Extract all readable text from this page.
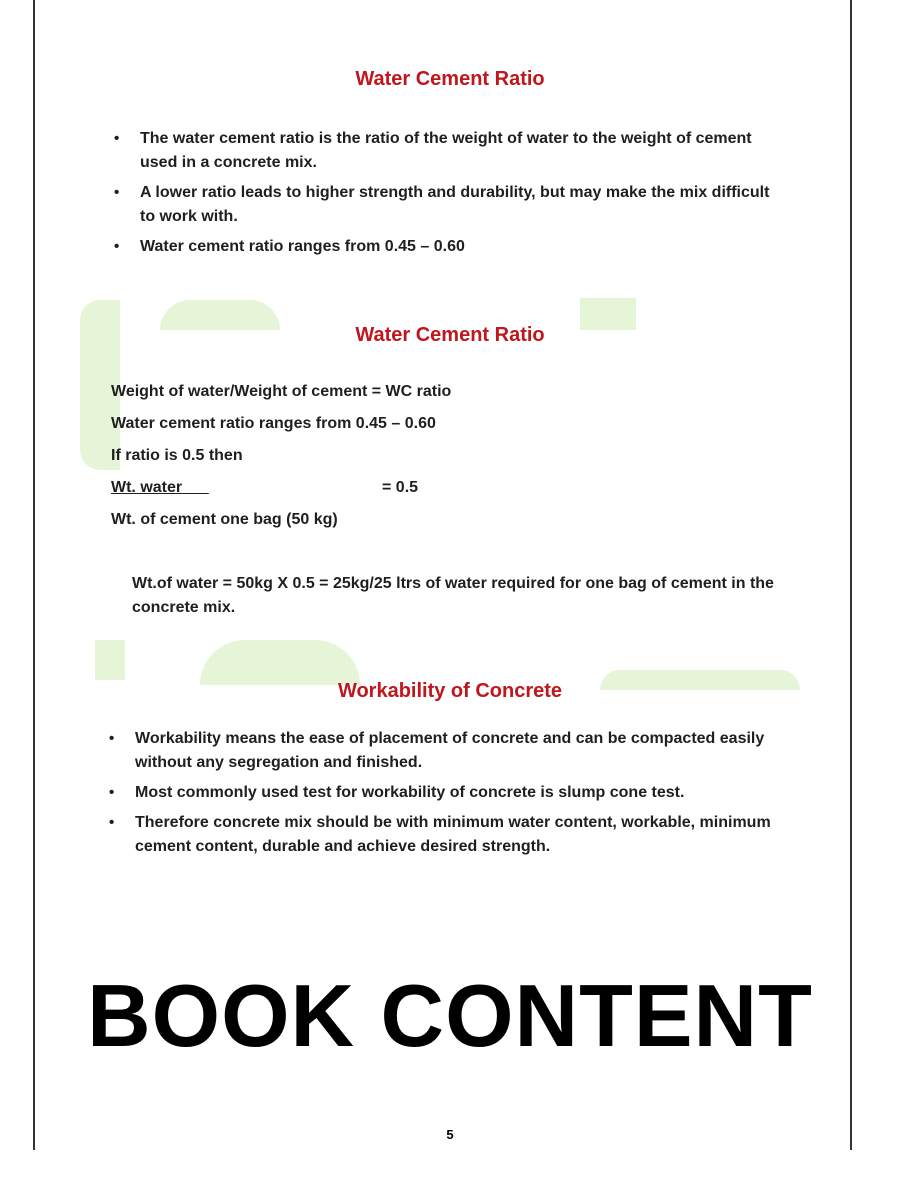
Water Cement Ratio
• The water cement ratio is the ratio of the weight of water to the weight of cement used in a concrete mix.
• A lower ratio leads to higher strength and durability, but may make the mix difficult to work with.
• Water cement ratio ranges from 0.45 – 0.60
Water Cement Ratio
Weight of water/Weight of cement = WC ratio
Water cement ratio ranges from 0.45 – 0.60
If ratio is 0.5 then
Wt. water	= 0.5
Wt. of cement one bag (50 kg)
Wt.of water = 50kg X 0.5 = 25kg/25 ltrs of water required for one bag of cement in the concrete mix.
Workability of Concrete
• Workability means the ease of placement of concrete and can be compacted easily without any segregation and finished.
• Most commonly used test for workability of concrete is slump cone test.
• Therefore concrete mix should be with minimum water content, workable, minimum cement content, durable and achieve desired strength.
BOOK CONTENT
5
